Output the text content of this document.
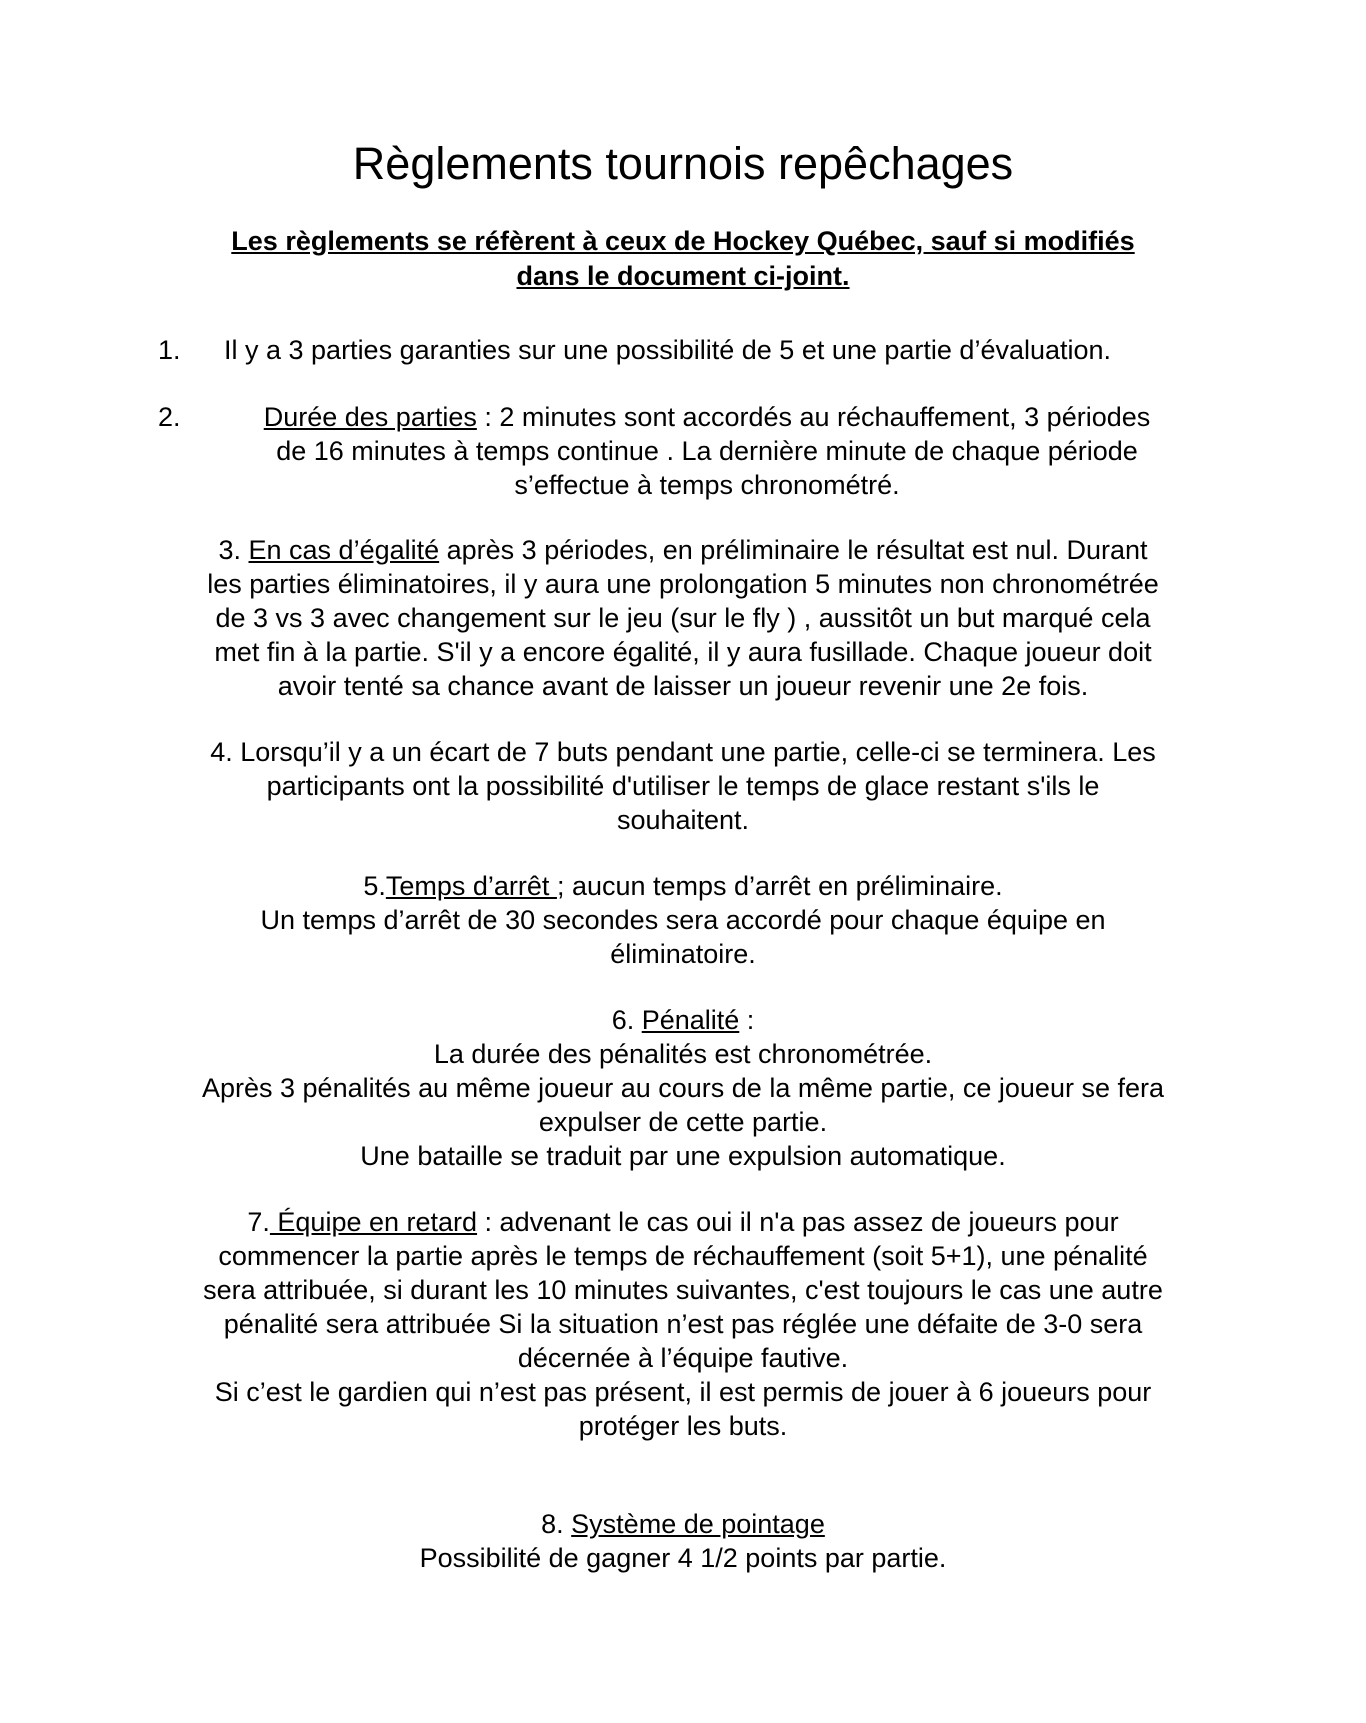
Règlements tournois repêchages
Les règlements se réfèrent à ceux de Hockey Québec, sauf si modifiés
dans le document ci-joint.
1. Il y a 3 parties garanties sur une possibilité de 5 et une partie d’évaluation.
2.	Durée des parties : 2 minutes sont accordés au réchauffement, 3 périodes
de 16 minutes à temps continue . La dernière minute de chaque période
s’effectue à temps chronométré.
3. En cas d’égalité après 3 périodes, en préliminaire le résultat est nul. Durant
les parties éliminatoires, il y aura une prolongation 5 minutes non chronométrée
de 3 vs 3 avec changement sur le jeu (sur le fly ) , aussitôt un but marqué cela
met fin à la partie. S'il y a encore égalité, il y aura fusillade. Chaque joueur doit
avoir tenté sa chance avant de laisser un joueur revenir une 2e fois.
4. Lorsqu’il y a un écart de 7 buts pendant une partie, celle-ci se terminera. Les
participants ont la possibilité d'utiliser le temps de glace restant s'ils le
souhaitent.
5.Temps d’arrêt ; aucun temps d’arrêt en préliminaire.
Un temps d’arrêt de 30 secondes sera accordé pour chaque équipe en
éliminatoire.
6. Pénalité :
La durée des pénalités est chronométrée.
Après 3 pénalités au même joueur au cours de la même partie, ce joueur se fera
expulser de cette partie.
Une bataille se traduit par une expulsion automatique.
7. Équipe en retard : advenant le cas oui il n'a pas assez de joueurs pour
commencer la partie après le temps de réchauffement (soit 5+1), une pénalité
sera attribuée, si durant les 10 minutes suivantes, c'est toujours le cas une autre
pénalité sera attribuée Si la situation n’est pas réglée une défaite de 3-0 sera
décernée à l’équipe fautive.
Si c’est le gardien qui n’est pas présent, il est permis de jouer à 6 joueurs pour
protéger les buts.
8. Système de pointage
Possibilité de gagner 4 1/2 points par partie.
